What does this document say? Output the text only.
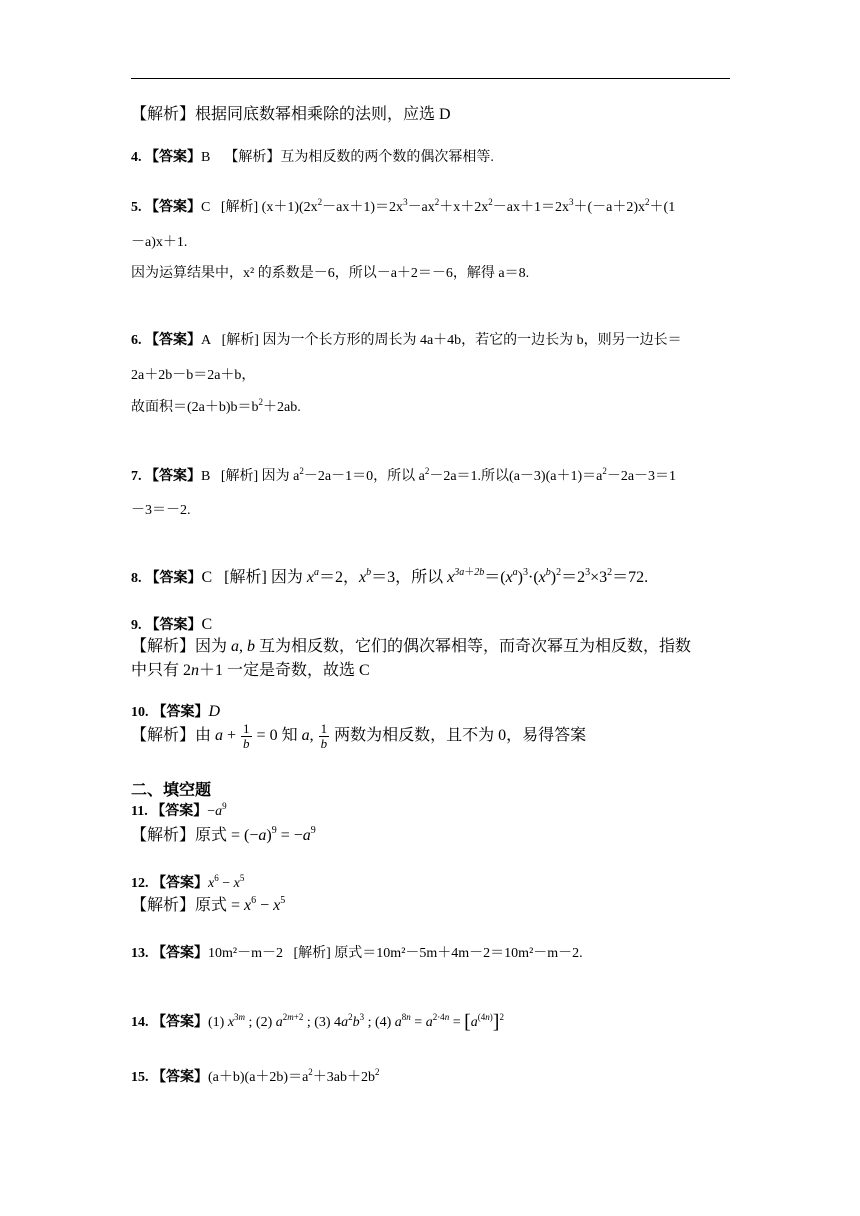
【解析】根据同底数幂相乘除的法则，应选 D
4. 【答案】B 【解析】互为相反数的两个数的偶次幂相等.
5. 【答案】C [解析] $(x+1)(2x^2-ax+1)=2x^3-ax^2+x+2x^2-ax+1=2x^3+(-a+2)x^2+(1$
－a)x＋1.
因为运算结果中，x² 的系数是－6，所以－a＋2＝－6，解得 a＝8.
6. 【答案】A [解析] 因为一个长方形的周长为 4a＋4b，若它的一边长为 b，则另一边长＝
2a＋2b－b＝2a＋b，
故面积$=(2a+b)b=b^2+2ab$.
7. 【答案】B [解析] 因为 $a^2-2a-1=0$，所以 $a^2-2a=1$.所以$(a-3)(a+1)=a^2-2a-3=1$
－3＝－2.
8. 【答案】C [解析] 因为 $x^a=2$，$x^b=3$，所以 $x^{3a+2b}=(x^a)^3\cdot(x^b)^2=2^3\times 3^2=72$.
9. 【答案】C
【解析】因为 a, b 互为相反数，它们的偶次幂相等，而奇次幂互为相反数，指数
中只有 2n＋1 一定是奇数，故选 C
10. 【答案】D
【解析】由 $a + \frac{1}{b} = 0$ 知 a, $\frac{1}{b}$ 两数为相反数，且不为 0，易得答案
二、填空题
11. 【答案】$-a^9$
【解析】原式 = $(-a)^9 = -a^9$
12. 【答案】$x^6 - x^5$
【解析】原式 = $x^6 - x^5$
13. 【答案】10m²－m－2 [解析] 原式＝10m²－5m＋4m－2＝10m²－m－2.
14. 【答案】(1) $x^{3m}$ ; (2) $a^{2m+2}$ ; (3) $4a^2b^3$ ; (4) $a^{8n} = a^{2\cdot 4n} = [a^{(4n)}]^2$
15. 【答案】$(a+b)(a+2b)=a^2+3ab+2b^2$
